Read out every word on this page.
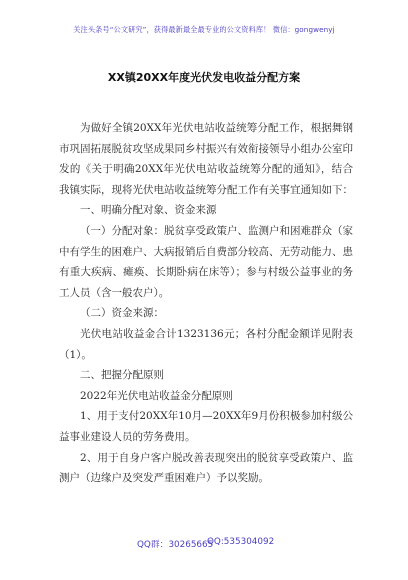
关注头条号“公文研究”，获得最新最全最专业的公文资料库！ 微信：gongwenyj
XX镇20XX年度光伏发电收益分配方案

为做好全镇20XX年光伏电站收益统筹分配工作，根据舞钢市巩固拓展脱贫攻坚成果同乡村振兴有效衔接领导小组办公室印发的《关于明确20XX年光伏电站收益统筹分配的通知》，结合我镇实际，现将光伏电站收益统筹分配工作有关事宜通知如下：

一、明确分配对象、资金来源

（一）分配对象：脱贫享受政策户、监测户和困难群众（家中有学生的困难户、大病报销后自费部分较高、无劳动能力、患有重大疾病、瘫痪、长期卧病在床等）；参与村级公益事业的务工人员（含一般农户）。

（二）资金来源：

光伏电站收益金合计1323136元；各村分配金额详见附表（1）。

二、把握分配原则

2022年光伏电站收益金分配原则

1、用于支付20XX年10月—20XX年9月份积极参加村级公益事业建设人员的劳务费用。

2、用于自身户客户脱改善表现突出的脱贫享受政策户、监测户（边缘户及突发严重困难户）予以奖励。

QQ群：30265665
QQ:535304092
